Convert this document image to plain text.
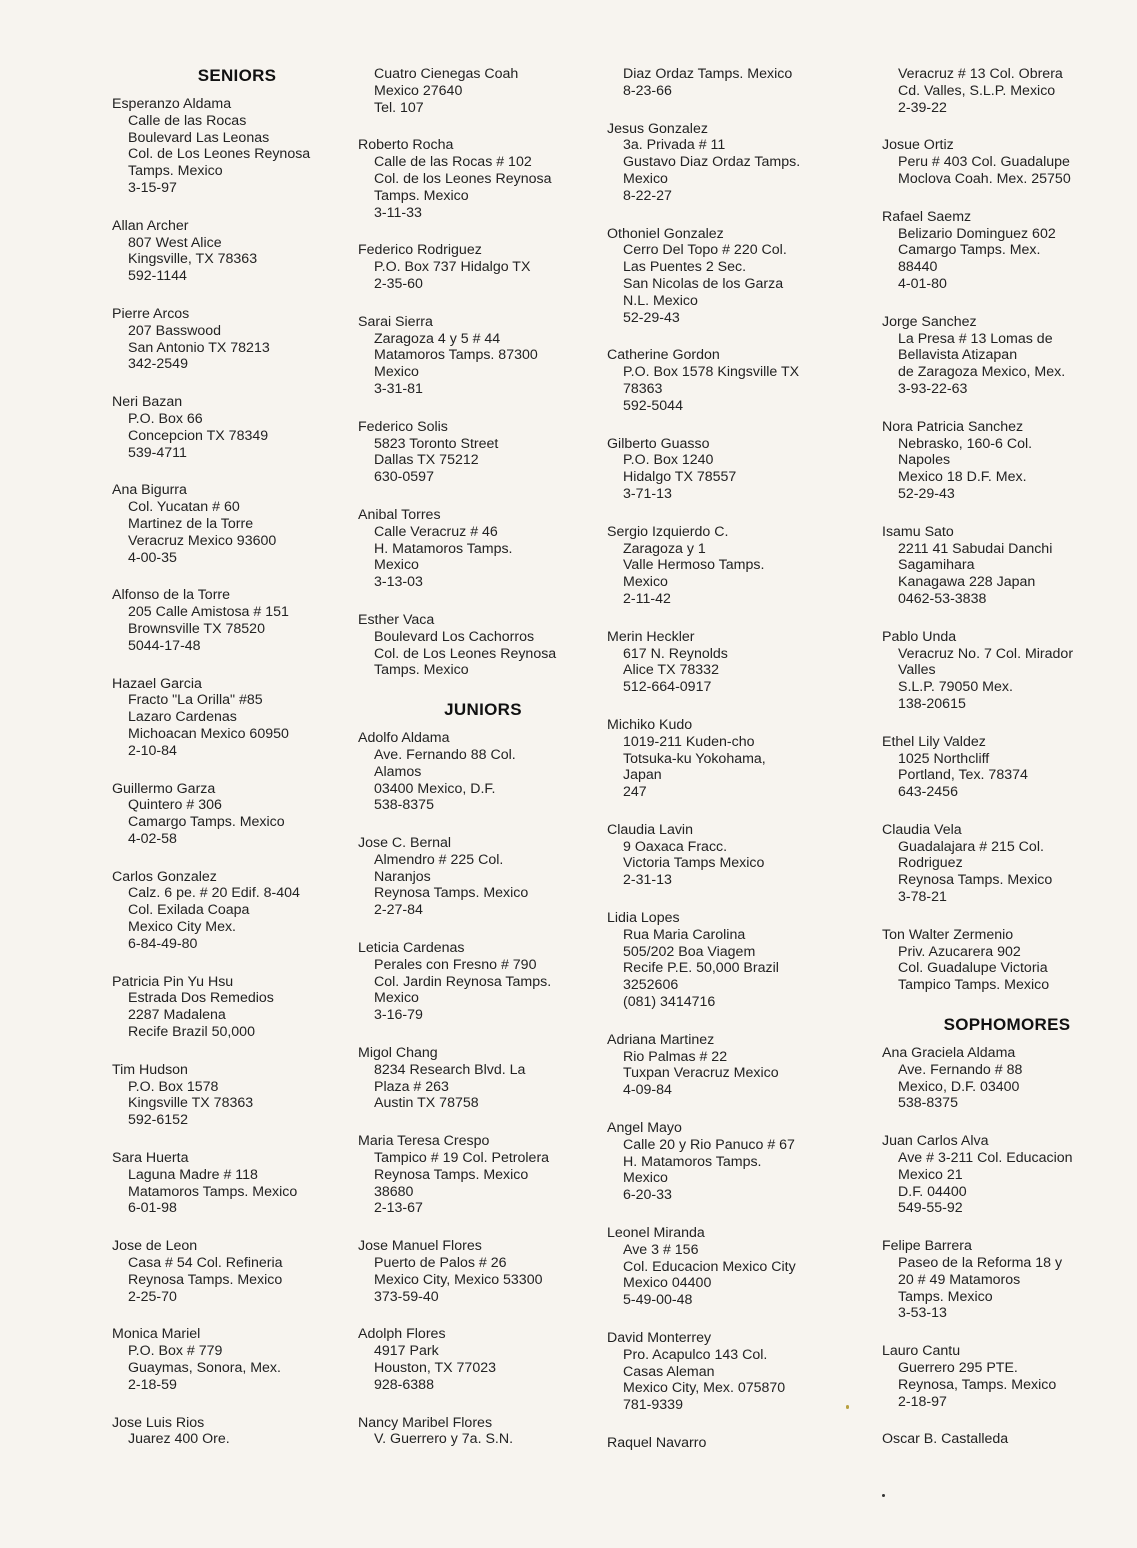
SENIORS
Esperanzo Aldama
Calle de las Rocas
Boulevard Las Leonas
Col. de Los Leones Reynosa
Tamps. Mexico
3-15-97
Allan Archer
807 West Alice
Kingsville, TX 78363
592-1144
Pierre Arcos
207 Basswood
San Antonio TX 78213
342-2549
Neri Bazan
P.O. Box 66
Concepcion TX 78349
539-4711
Ana Bigurra
Col. Yucatan # 60
Martinez de la Torre
Veracruz Mexico 93600
4-00-35
Alfonso de la Torre
205 Calle Amistosa # 151
Brownsville TX 78520
5044-17-48
Hazael Garcia
Fracto "La Orilla" #85
Lazaro Cardenas
Michoacan Mexico 60950
2-10-84
Guillermo Garza
Quintero # 306
Camargo Tamps. Mexico
4-02-58
Carlos Gonzalez
Calz. 6 pe. # 20 Edif. 8-404
Col. Exilada Coapa
Mexico City Mex.
6-84-49-80
Patricia Pin Yu Hsu
Estrada Dos Remedios
2287 Madalena
Recife Brazil 50,000
Tim Hudson
P.O. Box 1578
Kingsville TX 78363
592-6152
Sara Huerta
Laguna Madre # 118
Matamoros Tamps. Mexico
6-01-98
Jose de Leon
Casa # 54 Col. Refineria
Reynosa Tamps. Mexico
2-25-70
Monica Mariel
P.O. Box # 779
Guaymas, Sonora, Mex.
2-18-59
Jose Luis Rios
Juarez 400 Ore.
Cuatro Cienegas Coah
Mexico 27640
Tel. 107
Roberto Rocha
Calle de las Rocas # 102
Col. de los Leones Reynosa
Tamps. Mexico
3-11-33
Federico Rodriguez
P.O. Box 737 Hidalgo TX
2-35-60
Sarai Sierra
Zaragoza 4 y 5 # 44
Matamoros Tamps. 87300
Mexico
3-31-81
Federico Solis
5823 Toronto Street
Dallas TX 75212
630-0597
Anibal Torres
Calle Veracruz # 46
H. Matamoros Tamps.
Mexico
3-13-03
Esther Vaca
Boulevard Los Cachorros
Col. de Los Leones Reynosa
Tamps. Mexico
JUNIORS
Adolfo Aldama
Ave. Fernando 88 Col.
Alamos
03400 Mexico, D.F.
538-8375
Jose C. Bernal
Almendro # 225 Col.
Naranjos
Reynosa Tamps. Mexico
2-27-84
Leticia Cardenas
Perales con Fresno # 790
Col. Jardin Reynosa Tamps.
Mexico
3-16-79
Migol Chang
8234 Research Blvd. La
Plaza # 263
Austin TX 78758
Maria Teresa Crespo
Tampico # 19 Col. Petrolera
Reynosa Tamps. Mexico
38680
2-13-67
Jose Manuel Flores
Puerto de Palos # 26
Mexico City, Mexico 53300
373-59-40
Adolph Flores
4917 Park
Houston, TX 77023
928-6388
Nancy Maribel Flores
V. Guerrero y 7a. S.N.
Diaz Ordaz Tamps. Mexico
8-23-66
Jesus Gonzalez
3a. Privada # 11
Gustavo Diaz Ordaz Tamps.
Mexico
8-22-27
Othoniel Gonzalez
Cerro Del Topo # 220 Col.
Las Puentes 2 Sec.
San Nicolas de los Garza
N.L. Mexico
52-29-43
Catherine Gordon
P.O. Box 1578 Kingsville TX
78363
592-5044
Gilberto Guasso
P.O. Box 1240
Hidalgo TX 78557
3-71-13
Sergio Izquierdo C.
Zaragoza y 1
Valle Hermoso Tamps.
Mexico
2-11-42
Merin Heckler
617 N. Reynolds
Alice TX 78332
512-664-0917
Michiko Kudo
1019-211 Kuden-cho
Totsuka-ku Yokohama,
Japan
247
Claudia Lavin
9 Oaxaca Fracc.
Victoria Tamps Mexico
2-31-13
Lidia Lopes
Rua Maria Carolina
505/202 Boa Viagem
Recife P.E. 50,000 Brazil
3252606
(081) 3414716
Adriana Martinez
Rio Palmas # 22
Tuxpan Veracruz Mexico
4-09-84
Angel Mayo
Calle 20 y Rio Panuco # 67
H. Matamoros Tamps.
Mexico
6-20-33
Leonel Miranda
Ave 3 # 156
Col. Educacion Mexico City
Mexico 04400
5-49-00-48
David Monterrey
Pro. Acapulco 143 Col.
Casas Aleman
Mexico City, Mex. 075870
781-9339
Raquel Navarro
Veracruz # 13 Col. Obrera
Cd. Valles, S.L.P. Mexico
2-39-22
Josue Ortiz
Peru # 403 Col. Guadalupe
Moclova Coah. Mex. 25750
Rafael Saemz
Belizario Dominguez 602
Camargo Tamps. Mex.
88440
4-01-80
Jorge Sanchez
La Presa # 13 Lomas de
Bellavista Atizapan
de Zaragoza Mexico, Mex.
3-93-22-63
Nora Patricia Sanchez
Nebrasko, 160-6 Col.
Napoles
Mexico 18 D.F. Mex.
52-29-43
Isamu Sato
2211 41 Sabudai Danchi
Sagamihara
Kanagawa 228 Japan
0462-53-3838
Pablo Unda
Veracruz No. 7 Col. Mirador
Valles
S.L.P. 79050 Mex.
138-20615
Ethel Lily Valdez
1025 Northcliff
Portland, Tex. 78374
643-2456
Claudia Vela
Guadalajara # 215 Col.
Rodriguez
Reynosa Tamps. Mexico
3-78-21
Ton Walter Zermenio
Priv. Azucarera 902
Col. Guadalupe Victoria
Tampico Tamps. Mexico
SOPHOMORES
Ana Graciela Aldama
Ave. Fernando # 88
Mexico, D.F. 03400
538-8375
Juan Carlos Alva
Ave # 3-211 Col. Educacion
Mexico 21
D.F. 04400
549-55-92
Felipe Barrera
Paseo de la Reforma 18 y
20 # 49 Matamoros
Tamps. Mexico
3-53-13
Lauro Cantu
Guerrero 295 PTE.
Reynosa, Tamps. Mexico
2-18-97
Oscar B. Castalleda
